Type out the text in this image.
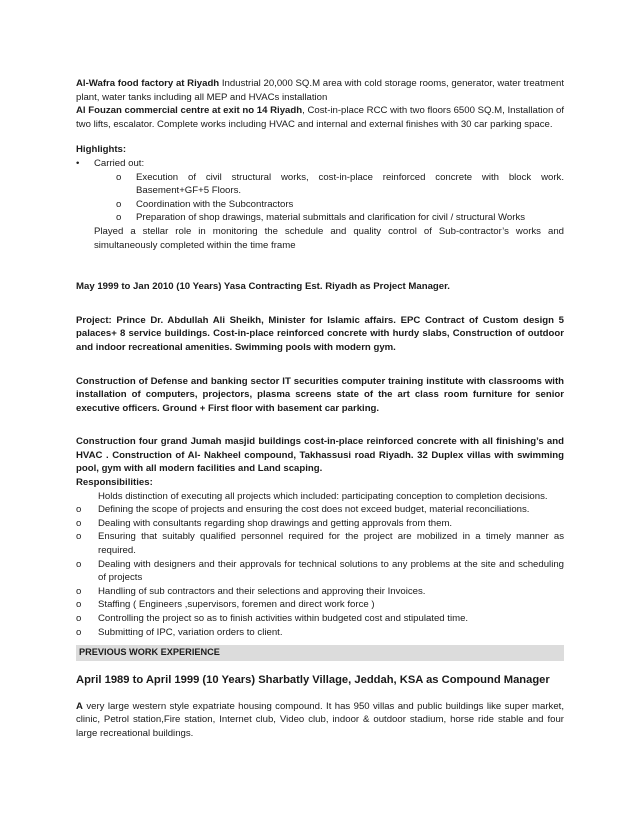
Al-Wafra food factory at Riyadh Industrial 20,000 SQ.M area with cold storage rooms, generator, water treatment plant, water tanks including all MEP and HVACs installation

Al Fouzan commercial centre at exit no 14 Riyadh, Cost-in-place RCC with two floors 6500 SQ.M, Installation of two lifts, escalator. Complete works including HVAC and internal and external finishes with 30 car parking space.

Highlights:

• Carried out:
o Execution of civil structural works, cost-in-place reinforced concrete with block work. Basement+GF+5 Floors.
o Coordination with the Subcontractors
o Preparation of shop drawings, material submittals and clarification for civil / structural Works

Played a stellar role in monitoring the schedule and quality control of Sub-contractor’s works and simultaneously completed within the time frame

May 1999 to Jan 2010 (10 Years) Yasa Contracting Est. Riyadh as Project Manager.

Project: Prince Dr. Abdullah Ali Sheikh, Minister for Islamic affairs. EPC Contract of Custom design 5 palaces+ 8 service buildings. Cost-in-place reinforced concrete with hurdy slabs, Construction of outdoor and indoor recreational amenities. Swimming pools with modern gym.

Construction of Defense and banking sector IT securities computer training institute with classrooms with installation of computers, projectors, plasma screens state of the art class room furniture for senior executive officers. Ground + First floor with basement car parking.

Construction four grand Jumah masjid buildings cost-in-place reinforced concrete with all finishing’s and HVAC . Construction of Al- Nakheel compound, Takhassusi road Riyadh. 32 Duplex villas with swimming pool, gym with all modern facilities and Land scaping.

Responsibilities:

Holds distinction of executing all projects which included: participating conception to completion decisions.

o Defining the scope of projects and ensuring the cost does not exceed budget, material reconciliations.
o Dealing with consultants regarding shop drawings and getting approvals from them.
o Ensuring that suitably qualified personnel required for the project are mobilized in a timely manner as required.
o Dealing with designers and their approvals for technical solutions to any problems at the site and scheduling of projects
o Handling of sub contractors and their selections and approving their Invoices.
o Staffing ( Engineers ,supervisors, foremen and direct work force )
o Controlling the project so as to finish activities within budgeted cost and stipulated time.
o Submitting of IPC, variation orders to client.
PREVIOUS WORK EXPERIENCE

April 1989 to April 1999 (10 Years) Sharbatly Village, Jeddah, KSA as Compound Manager

A very large western style expatriate housing compound. It has 950 villas and public buildings like super market, clinic, Petrol station,Fire station, Internet club, Video club, indoor & outdoor stadium, horse ride stable and four large recreational buildings.
